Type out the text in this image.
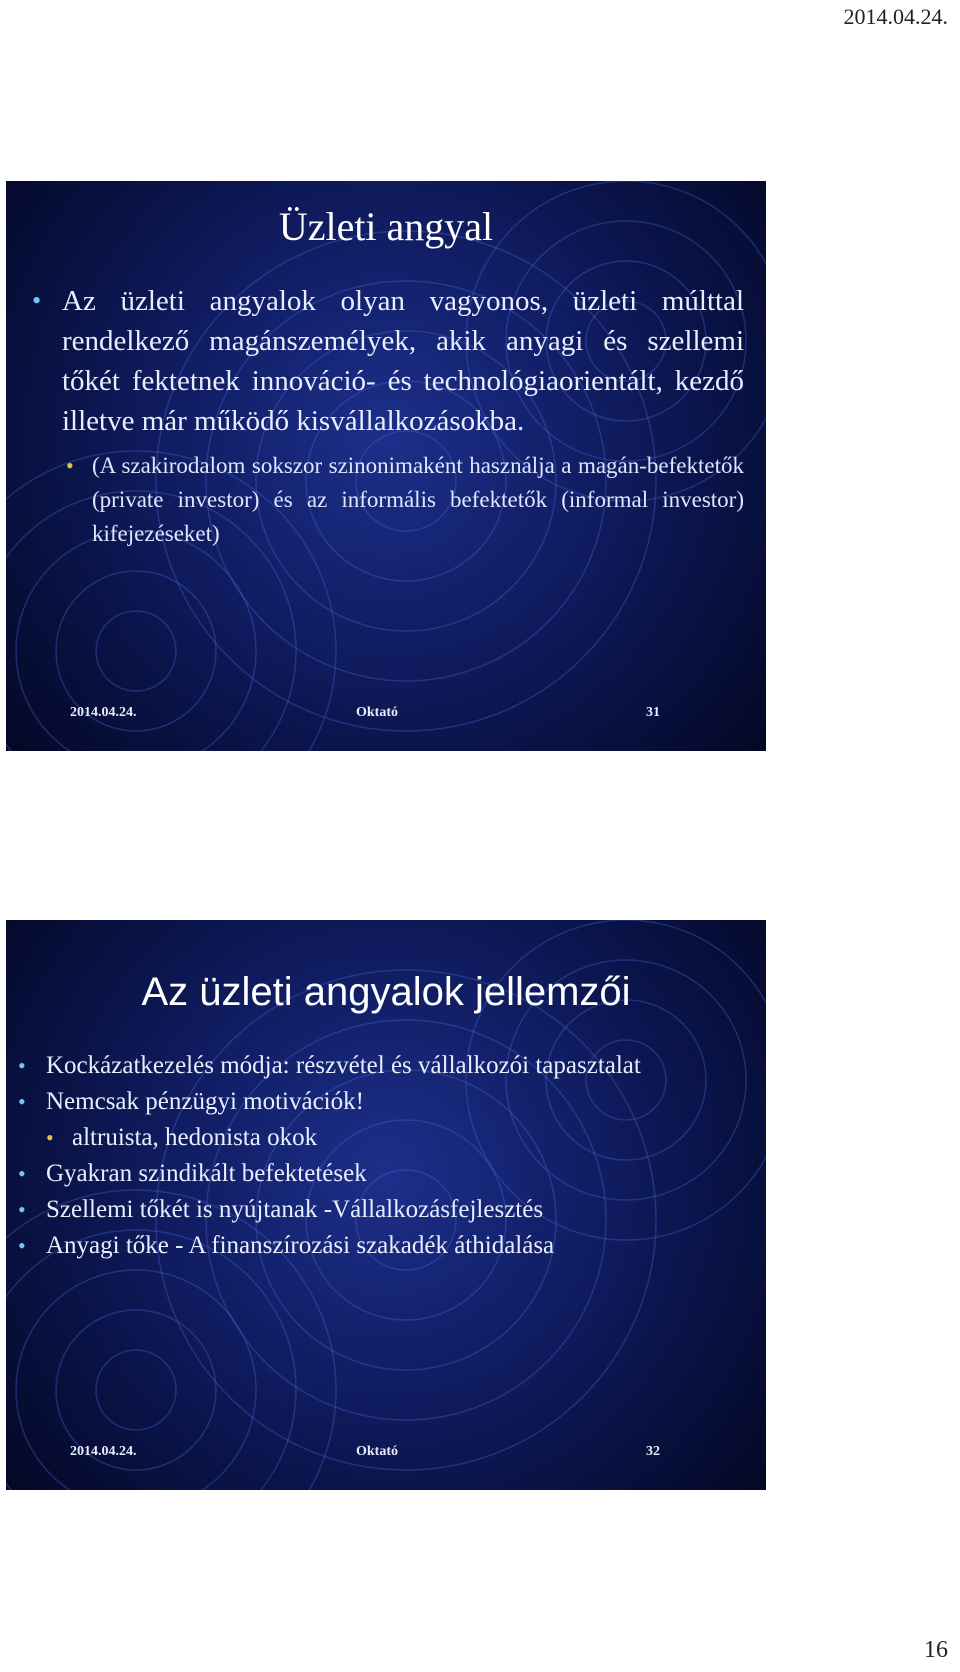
2014.04.24.
Üzleti angyal
• Az üzleti angyalok olyan vagyonos, üzleti múlttal rendelkező magánszemélyek, akik anyagi és szellemi tőkét fektetnek innováció- és technológiaorientált, kezdő illetve már működő kisvállalkozásokba.
• (A szakirodalom sokszor szinonimaként használja a magán-befektetők (private investor) és az informális befektetők (informal investor) kifejezéseket)
2014.04.24.	Oktató	31
Az üzleti angyalok jellemzői
• Kockázatkezelés módja: részvétel és vállalkozói tapasztalat
• Nemcsak pénzügyi motivációk!
• altruista, hedonista okok
• Gyakran szindikált befektetések
• Szellemi tőkét is nyújtanak -Vállalkozásfejlesztés
• Anyagi tőke - A finanszírozási szakadék áthidalása
2014.04.24.	Oktató	32
16
